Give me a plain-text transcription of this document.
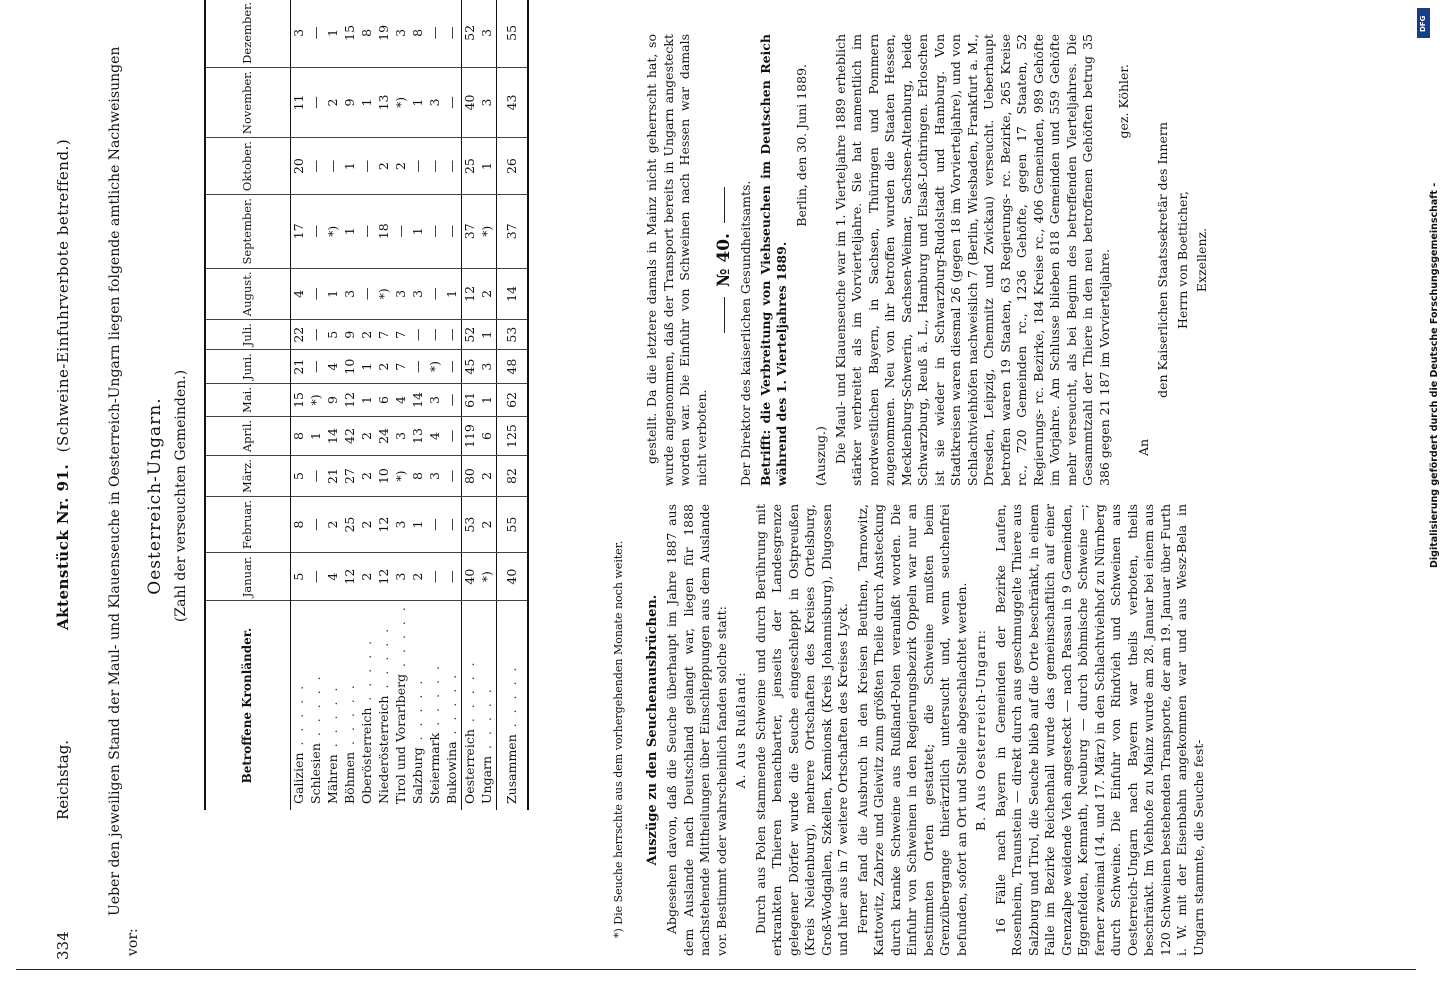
334
Reichstag.
Aktenstück Nr. 91.  (Schweine-Einfuhrverbote betreffend.)	Ueber den jeweiligen Stand der Maul- und Klauenseuche in Oesterreich-Ungarn liegen folgende amtliche Nachweisungen vor:
Oesterreich-Ungarn. (Zahl der verseuchten Gemeinden.)
Betroffene Kronländer.	Januar.	Februar.	März.	April.	Mai.	Juni.	Juli.	August.	September.	Oktober.	November.	Dezember.	
Galizien . . . . .	5	8	5	8	15	21	22	4	17	20	11	3	
Schlesien . . . . .	—	—	—	1	*)	—	—	—	—	—	—	—	
Mähren . . . . .	4	2	21	14	9	4	5	1	*)	—	2	1	
Böhmen . . . . .	12	25	27	42	12	10	9	3	1	1	9	15	
Oberösterreich . . . . .	2	2	2	2	1	1	2	—	—	—	1	8	
Niederösterreich . . . . .	12	12	10	24	6	2	7	*)	18	2	13	19	
Tirol und Vorarlberg . . . . .	3	3	*)	3	4	7	7	3	—	2	*)	3	
Salzburg . . . . .	2	1	8	13	14	—	—	3	1	—	1	8	
Steiermark . . . . .	—	—	3	4	3	*)	—	—	—	—	3	—	
Bukowina . . . . .	—	—	—	—	—	—	—	1	—	—	—	—	
Oesterreich . . . . .	40	53	80	119	61	45	52	12	37	25	40	52	
Ungarn . . . . .	*)	2	2	6	1	3	1	2	*)	1	3	3	
Zusammen . . . . .	40	55	82	125	62	48	53	14	37	26	43	55	
*) Die Seuche herrschte aus dem vorhergehenden Monate noch weiter. Auszüge zu den Seuchenausbrüchen. Abgesehen davon, daß die Seuche überhaupt im Jahre 1887 aus dem Auslande nach Deutschland gelangt war, liegen für 1888 nachstehende Mittheilungen über Einschleppungen aus dem Auslande vor. Bestimmt oder wahrscheinlich fanden solche statt: A. Aus Rußland: Durch aus Polen stammende Schweine und durch Berührung mit erkrankten Thieren benachbarter, jenseits der Landesgrenze gelegener Dörfer wurde die Seuche eingeschleppt in Ostpreußen (Kreis Neidenburg), mehrere Ortschaften des Kreises Ortelsburg, Groß-Wodgallen, Szkellen, Kamionsk (Kreis Johannisburg), Dlugossen und hier aus in 7 weitere Ortschaften des Kreises Lyck. Ferner fand die Ausbruch in den Kreisen Beuthen, Tarnowitz, Kattowitz, Zabrze und Gleiwitz zum größten Theile durch Ansteckung durch kranke Schweine aus Rußland-Polen veranlaßt worden. Die Einfuhr von Schweinen in den Regierungsbezirk Oppeln war nur an bestimmten Orten gestattet; die Schweine mußten beim Grenzübergange thierärztlich untersucht und, wenn seuchenfrei befunden, sofort an Ort und Stelle abgeschlachtet werden. B. Aus Oesterreich-Ungarn: 16 Fälle nach Bayern in Gemeinden der Bezirke Laufen, Rosenheim, Traunstein — direkt durch aus geschmuggelte Thiere aus Salzburg und Tirol, die Seuche blieb auf die Orte beschränkt, in einem Falle im Bezirke Reichenhall wurde das gemeinschaftlich auf einer Grenzalpe weidende Vieh angesteckt — nach Passau in 9 Gemeinden, Eggenfelden, Kemnath, Neuburg — durch böhmische Schweine —; ferner zweimal (14. und 17. März) in den Schlachtviehhof zu Nürnberg durch Schweine. Die Einfuhr von Rindvieh und Schweinen aus Oesterreich-Ungarn nach Bayern war theils verboten, theils beschränkt. Im Viehhofe zu Mainz wurde am 28. Januar bei einem aus 120 Schweinen bestehenden Transporte, der am 19. Januar über Furth i. W. mit der Eisenbahn angekommen war und aus Wesz-Bela in Ungarn stammte, die Seuche fest-

gestellt. Da die letztere damals in Mainz nicht geherrscht hat, so wurde angenommen, daß der Transport bereits in Ungarn angesteckt worden war. Die Einfuhr von Schweinen nach Hessen war damals nicht verboten.

№ 40. Der Direktor des kaiserlichen Gesundheitsamts. Betrifft: die Verbreitung von Viehseuchen im Deutschen Reich während des 1. Vierteljahres 1889.

Berlin, den 30. Juni 1889.

(Auszug.) Die Maul- und Klauenseuche war im 1. Vierteljahre 1889 erheblich stärker verbreitet als im Vorvierteljahre. Sie hat namentlich im nordwestlichen Bayern, in Sachsen, Thüringen und Pommern zugenommen. Neu von ihr betroffen wurden die Staaten Hessen, Mecklenburg-Schwerin, Sachsen-Weimar, Sachsen-Altenburg, beide Schwarzburg, Reuß ä. L., Hamburg und Elsaß-Lothringen. Erloschen ist sie wieder in Schwarzburg-Rudolstadt und Hamburg. Von Stadtkreisen waren diesmal 26 (gegen 18 im Vorvierteljahre), und von Schlachtviehhöfen nachweislich 7 (Berlin, Wiesbaden, Frankfurt a. M., Dresden, Leipzig, Chemnitz und Zwickau) verseucht. Ueberhaupt betroffen waren 19 Staaten, 63 Regierungs- rc. Bezirke, 265 Kreise rc., 720 Gemeinden rc., 1236 Gehöfte, gegen 17 Staaten, 52 Regierungs- rc. Bezirke, 184 Kreise rc., 406 Gemeinden, 989 Gehöfte im Vorjahre. Am Schlusse blieben 818 Gemeinden und 559 Gehöfte mehr verseucht, als bei Beginn des betreffenden Vierteljahres. Die Gesammtzahl der Thiere in den neu betroffenen Gehöften betrug 35 386 gegen 21 187 im Vorvierteljahre.

gez. Köhler.

An

den Kaiserlichen Staatssekretär des Innern Herrn von Boetticher, Exzellenz.

DFG
Digitalisierung gefördert durch die Deutsche Forschungsgemeinschaft -
